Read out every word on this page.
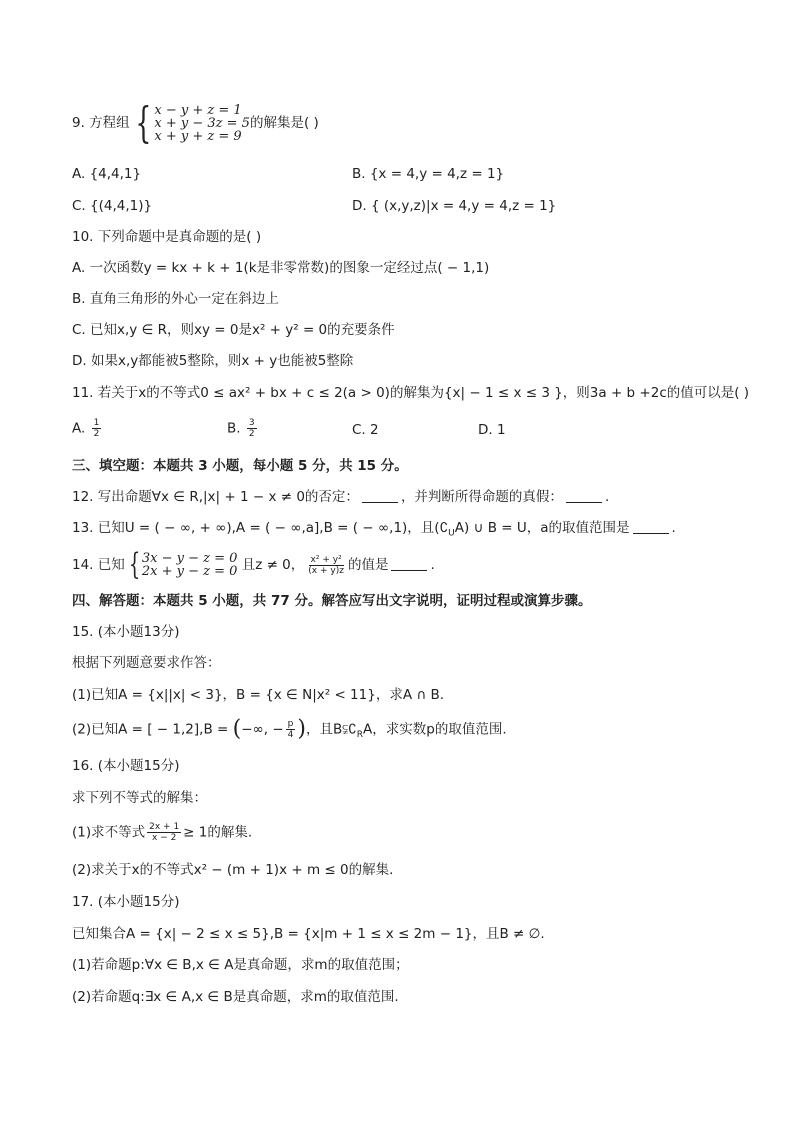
9. 方程组 { x − y + z = 1
x + y − 3z = 5
x + y + z = 9
的解集是( )
A. {4,4,1}	B. {x = 4,y = 4,z = 1}
C. {(4,4,1)}	D. { (x,y,z)|x = 4,y = 4,z = 1}
10. 下列命题中是真命题的是( )
A. 一次函数y = kx + k + 1(k是非零常数)的图象一定经过点( − 1,1)
B. 直角三角形的外心一定在斜边上
C. 已知x,y ∈ R，则xy = 0是x² + y² = 0的充要条件
D. 如果x,y都能被5整除，则x + y也能被5整除
11. 若关于x的不等式0 ≤ ax² + bx + c ≤ 2(a > 0)的解集为{x| − 1 ≤ x ≤ 3 }，则3a + b +2c的值可以是( )
A. $\frac{1}{2}$	B. $\frac{3}{2}$	C. 2	D. 1
三、填空题：本题共 3 小题，每小题 5 分，共 15 分。
12. 写出命题∀x ∈ R,|x| + 1 − x ≠ 0的否定：	，并判断所得命题的真假：	.
13. 已知U = ( − ∞, + ∞),A = ( − ∞,a],B = ( − ∞,1)，且$(∁_UA)$ ∪ B = U，a的取值范围是	.
14. 已知 { 3x − y − z = 0
2x + y − z = 0 且z ≠ 0， $\frac{\text{x² + y²}}{(x + y)z}$ 的值是	.
四、解答题：本题共 5 小题，共 77 分。解答应写出文字说明，证明过程或演算步骤。
15. (本小题13分)
根据下列题意要求作答：
(1)已知A = {x||x| < 3}，B = {x ∈ N|x² < 11}，求A ∩ B.
(2)已知A = [ − 1,2],B = (−∞, − $\frac{p}{4}$ )，且$B⫋∁_RA$，求实数p的取值范围.
16. (本小题15分)
求下列不等式的解集：
(1)求不等式 $\frac{2x + 1}{x - 2} \ge 1$的解集.
(2)求关于x的不等式x² − (m + 1)x + m ≤ 0的解集.
17. (本小题15分)
已知集合A = {x| − 2 ≤ x ≤ 5},B = {x|m + 1 ≤ x ≤ 2m − 1}，且B ≠ ∅.
(1)若命题p:∀x ∈ B,x ∈ A是真命题，求m的取值范围；
(2)若命题q:∃x ∈ A,x ∈ B是真命题，求m的取值范围.
